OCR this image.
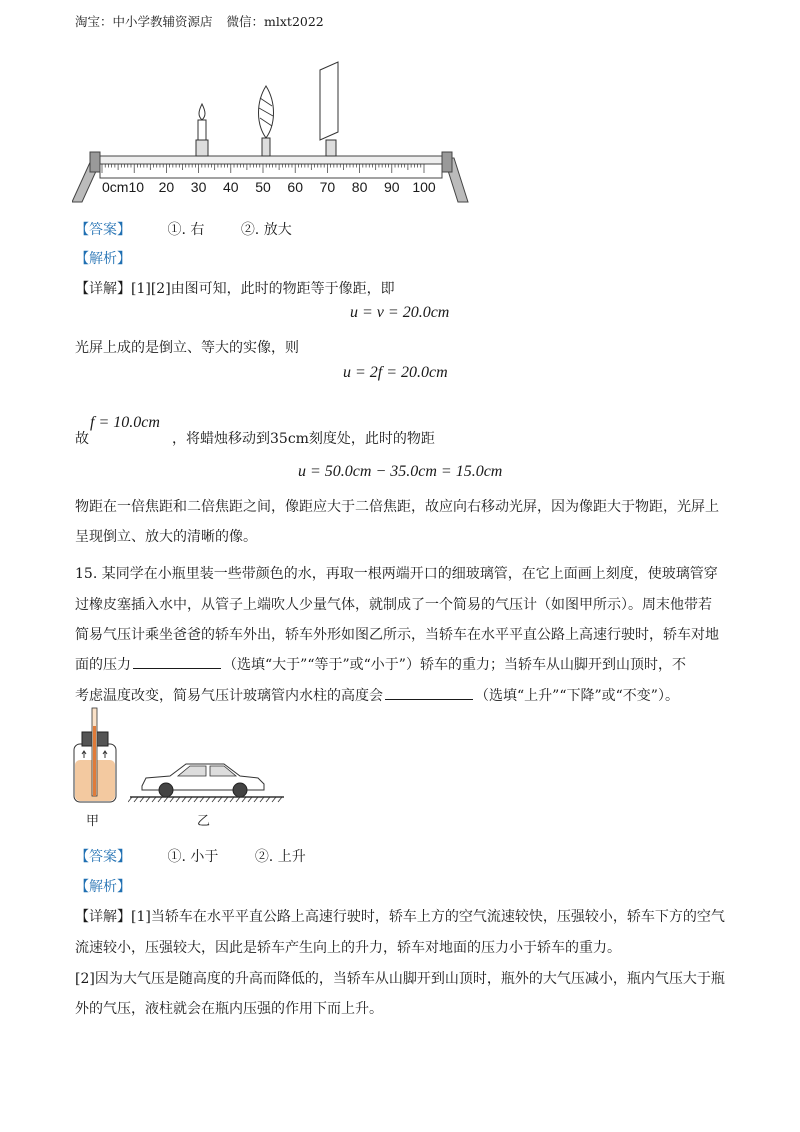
淘宝：中小学教辅资源店 微信：mlxt2022
0cm10 20 30 40 50 60 70 80 90 100
【答案】	①. 右	②. 放大
【解析】
【详解】[1][2]由图可知，此时的物距等于像距，即
u = v = 20.0cm
光屏上成的是倒立、等大的实像，则
u = 2f = 20.0cm
故
f = 10.0cm
，将蜡烛移动到35cm刻度处，此时的物距
u = 50.0cm − 35.0cm = 15.0cm
物距在一倍焦距和二倍焦距之间，像距应大于二倍焦距，故应向右移动光屏，因为像距大于物距，光屏上
呈现倒立、放大的清晰的像。
15. 某同学在小瓶里装一些带颜色的水，再取一根两端开口的细玻璃管，在它上面画上刻度，使玻璃管穿
过橡皮塞插入水中，从管子上端吹人少量气体，就制成了一个简易的气压计（如图甲所示）。周末他带若
简易气压计乘坐爸爸的轿车外出，轿车外形如图乙所示，当轿车在水平平直公路上高速行驶时，轿车对地
面的压力	（选填“大于”“等于”或“小于”）轿车的重力；当轿车从山脚开到山顶时，不
考虑温度改变，简易气压计玻璃管内水柱的高度会	（选填“上升”“下降”或“不变”）。
甲	乙
【答案】	①. 小于	②. 上升
【解析】
【详解】[1]当轿车在水平平直公路上高速行驶时，轿车上方的空气流速较快，压强较小，轿车下方的空气
流速较小，压强较大，因此是轿车产生向上的升力，轿车对地面的压力小于轿车的重力。
[2]因为大气压是随高度的升高而降低的，当轿车从山脚开到山顶时，瓶外的大气压减小，瓶内气压大于瓶
外的气压，液柱就会在瓶内压强的作用下而上升。
